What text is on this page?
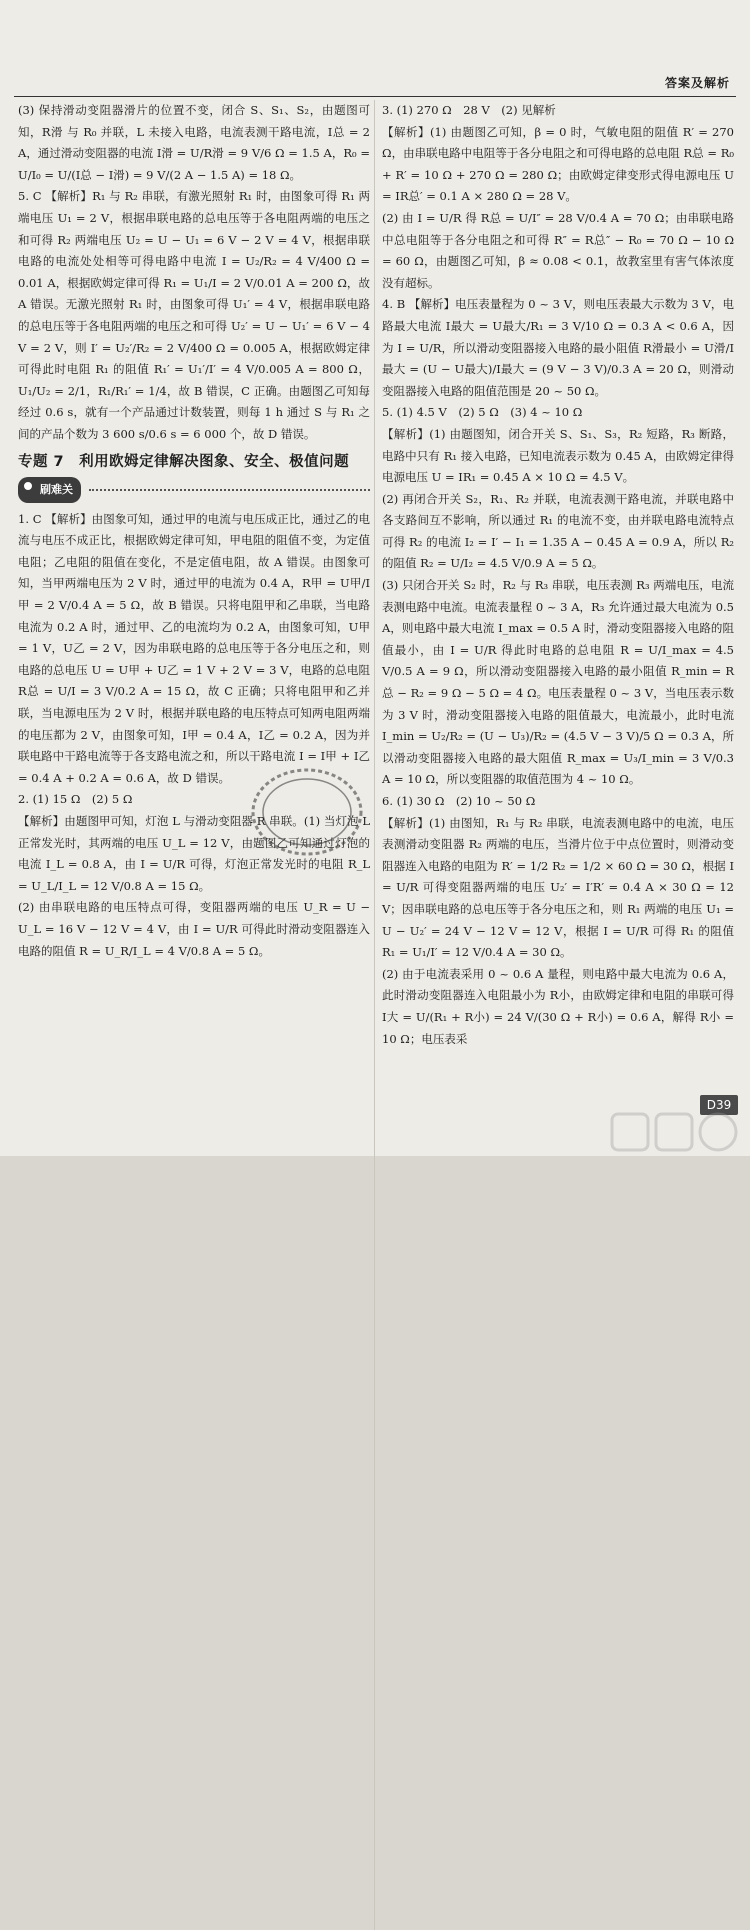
答案及解析

(3) 保持滑动变阻器滑片的位置不变，闭合 S、S₁、S₂，由题图可知，R滑 与 R₀ 并联，L 未接入电路，电流表测干路电流，I总 = 2 A，通过滑动变阻器的电流 I滑 = U/R滑 = 9 V/6 Ω = 1.5 A，R₀ = U/I₀ = U/(I总 − I滑) = 9 V/(2 A − 1.5 A) = 18 Ω。

5. C 【解析】R₁ 与 R₂ 串联，有激光照射 R₁ 时，由图象可得 R₁ 两端电压 U₁ = 2 V，根据串联电路的总电压等于各电阻两端的电压之和可得 R₂ 两端电压 U₂ = U − U₁ = 6 V − 2 V = 4 V，根据串联电路的电流处处相等可得电路中电流 I = U₂/R₂ = 4 V/400 Ω = 0.01 A，根据欧姆定律可得 R₁ = U₁/I = 2 V/0.01 A = 200 Ω，故 A 错误。无激光照射 R₁ 时，由图象可得 U₁′ = 4 V，根据串联电路的总电压等于各电阻两端的电压之和可得 U₂′ = U − U₁′ = 6 V − 4 V = 2 V，则 I′ = U₂′/R₂ = 2 V/400 Ω = 0.005 A，根据欧姆定律可得此时电阻 R₁ 的阻值 R₁′ = U₁′/I′ = 4 V/0.005 A = 800 Ω，U₁/U₂ = 2/1，R₁/R₁′ = 1/4，故 B 错误，C 正确。由题图乙可知每经过 0.6 s，就有一个产品通过计数装置，则每 1 h 通过 S 与 R₁ 之间的产品个数为 3 600 s/0.6 s = 6 000 个，故 D 错误。

专题 7　利用欧姆定律解决图象、安全、极值问题
刷难关

1. C 【解析】由图象可知，通过甲的电流与电压成正比，通过乙的电流与电压不成正比，根据欧姆定律可知，甲电阻的阻值不变，为定值电阻；乙电阻的阻值在变化，不是定值电阻，故 A 错误。由图象可知，当甲两端电压为 2 V 时，通过甲的电流为 0.4 A，R甲 = U甲/I甲 = 2 V/0.4 A = 5 Ω，故 B 错误。只将电阻甲和乙串联，当电路电流为 0.2 A 时，通过甲、乙的电流均为 0.2 A，由图象可知，U甲 = 1 V，U乙 = 2 V，因为串联电路的总电压等于各分电压之和，则电路的总电压 U = U甲 + U乙 = 1 V + 2 V = 3 V，电路的总电阻 R总 = U/I = 3 V/0.2 A = 15 Ω，故 C 正确；只将电阻甲和乙并联，当电源电压为 2 V 时，根据并联电路的电压特点可知两电阻两端的电压都为 2 V，由图象可知，I甲 = 0.4 A，I乙 = 0.2 A，因为并联电路中干路电流等于各支路电流之和，所以干路电流 I = I甲 + I乙 = 0.4 A + 0.2 A = 0.6 A，故 D 错误。

2. (1) 15 Ω　(2) 5 Ω

【解析】由题图甲可知，灯泡 L 与滑动变阻器 R 串联。(1) 当灯泡 L 正常发光时，其两端的电压 U_L = 12 V，由题图乙可知通过灯泡的电流 I_L = 0.8 A，由 I = U/R 可得，灯泡正常发光时的电阻 R_L = U_L/I_L = 12 V/0.8 A = 15 Ω。

(2) 由串联电路的电压特点可得，变阻器两端的电压 U_R = U − U_L = 16 V − 12 V = 4 V，由 I = U/R 可得此时滑动变阻器连入电路的阻值 R = U_R/I_L = 4 V/0.8 A = 5 Ω。

3. (1) 270 Ω　28 V　(2) 见解析

【解析】(1) 由题图乙可知，β = 0 时，气敏电阻的阻值 R′ = 270 Ω，由串联电路中电阻等于各分电阻之和可得电路的总电阻 R总 = R₀ + R′ = 10 Ω + 270 Ω = 280 Ω；由欧姆定律变形式得电源电压 U = IR总′ = 0.1 A × 280 Ω = 28 V。

(2) 由 I = U/R 得 R总 = U/I″ = 28 V/0.4 A = 70 Ω；由串联电路中总电阻等于各分电阻之和可得 R″ = R总″ − R₀ = 70 Ω − 10 Ω = 60 Ω，由题图乙可知，β ≈ 0.08 < 0.1，故教室里有害气体浓度没有超标。

4. B 【解析】电压表量程为 0 ~ 3 V，则电压表最大示数为 3 V，电路最大电流 I最大 = U最大/R₁ = 3 V/10 Ω = 0.3 A < 0.6 A，因为 I = U/R，所以滑动变阻器接入电路的最小阻值 R滑最小 = U滑/I最大 = (U − U最大)/I最大 = (9 V − 3 V)/0.3 A = 20 Ω，则滑动变阻器接入电路的阻值范围是 20 ~ 50 Ω。

5. (1) 4.5 V　(2) 5 Ω　(3) 4 ~ 10 Ω

【解析】(1) 由题图知，闭合开关 S、S₁、S₃，R₂ 短路，R₃ 断路，电路中只有 R₁ 接入电路，已知电流表示数为 0.45 A，由欧姆定律得电源电压 U = IR₁ = 0.45 A × 10 Ω = 4.5 V。

(2) 再闭合开关 S₂，R₁、R₂ 并联，电流表测干路电流，并联电路中各支路间互不影响，所以通过 R₁ 的电流不变，由并联电路电流特点可得 R₂ 的电流 I₂ = I′ − I₁ = 1.35 A − 0.45 A = 0.9 A，所以 R₂ 的阻值 R₂ = U/I₂ = 4.5 V/0.9 A = 5 Ω。

(3) 只闭合开关 S₂ 时，R₂ 与 R₃ 串联，电压表测 R₃ 两端电压，电流表测电路中电流。电流表量程 0 ~ 3 A，R₃ 允许通过最大电流为 0.5 A，则电路中最大电流 I_max = 0.5 A 时，滑动变阻器接入电路的阻值最小，由 I = U/R 得此时电路的总电阻 R = U/I_max = 4.5 V/0.5 A = 9 Ω，所以滑动变阻器接入电路的最小阻值 R_min = R总 − R₂ = 9 Ω − 5 Ω = 4 Ω。电压表量程 0 ~ 3 V，当电压表示数为 3 V 时，滑动变阻器接入电路的阻值最大，电流最小，此时电流 I_min = U₂/R₂ = (U − U₃)/R₂ = (4.5 V − 3 V)/5 Ω = 0.3 A，所以滑动变阻器接入电路的最大阻值 R_max = U₃/I_min = 3 V/0.3 A = 10 Ω，所以变阻器的取值范围为 4 ~ 10 Ω。

6. (1) 30 Ω　(2) 10 ~ 50 Ω

【解析】(1) 由图知，R₁ 与 R₂ 串联，电流表测电路中的电流，电压表测滑动变阻器 R₂ 两端的电压，当滑片位于中点位置时，则滑动变阻器连入电路的电阻为 R′ = 1/2 R₂ = 1/2 × 60 Ω = 30 Ω，根据 I = U/R 可得变阻器两端的电压 U₂′ = I′R′ = 0.4 A × 30 Ω = 12 V；因串联电路的总电压等于各分电压之和，则 R₁ 两端的电压 U₁ = U − U₂′ = 24 V − 12 V = 12 V，根据 I = U/R 可得 R₁ 的阻值 R₁ = U₁/I′ = 12 V/0.4 A = 30 Ω。

(2) 由于电流表采用 0 ~ 0.6 A 量程，则电路中最大电流为 0.6 A，此时滑动变阻器连入电阻最小为 R小，由欧姆定律和电阻的串联可得 I大 = U/(R₁ + R小) = 24 V/(30 Ω + R小) = 0.6 A，解得 R小 = 10 Ω；电压表采

D39
